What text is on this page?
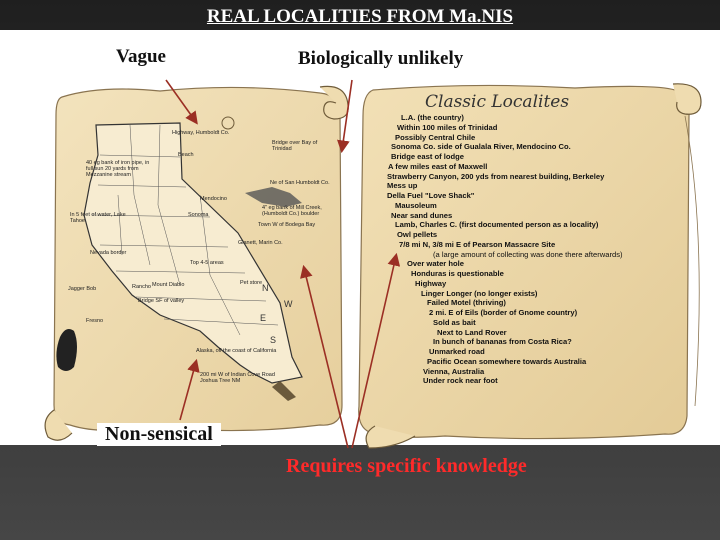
REAL LOCALITIES FROM Ma.NIS
N
E
W
S
Highway, Humboldt Co.
Beach
Bridge over Bay of Trinidad
4" eg bank of Mill Creek, (Humboldt Co.) boulder
40 eg bank of iron pipe, in full sun 20 yards from Mezzanine stream
Ne of San Humboldt Co.
Sonoma
Mendocino
In 5 feet of water, Lake Tahoe
Town W of Bodega Bay
Gianett, Marin Co.
Nevada border
Top 4-5 areas
Mount Diablo
Jagger Bob	Rancho
Bridge SF of valley
Fresno
Pet store
Alaska, off the coast of California
200 mi W of Indian Cove Road Joshua Tree NM
Classic Localites
L.A. (the country)
Within 100 miles of Trinidad
Possibly Central Chile
Sonoma Co. side of Gualala River, Mendocino Co.
Bridge east of lodge
A few miles east of Maxwell
Strawberry Canyon, 200 yds from nearest building, Berkeley
Mess up
Della Fuel "Love Shack"
Mausoleum
Near sand dunes
Lamb, Charles C. (first documented person as a locality)
Owl pellets
7/8 mi N, 3/8 mi E of Pearson Massacre Site
(a large amount of collecting was done there afterwards)
Over water hole
Honduras is questionable
Highway
Linger Longer (no longer exists)
Failed Motel (thriving)
2 mi. E of Eils (border of Gnome country)
Sold as bait
Next to Land Rover
In bunch of bananas from Costa Rica?
Unmarked road
Pacific Ocean somewhere towards Australia
Vienna, Australia
Under rock near foot
Vague	Biologically unlikely
Non-sensical
Requires specific knowledge
